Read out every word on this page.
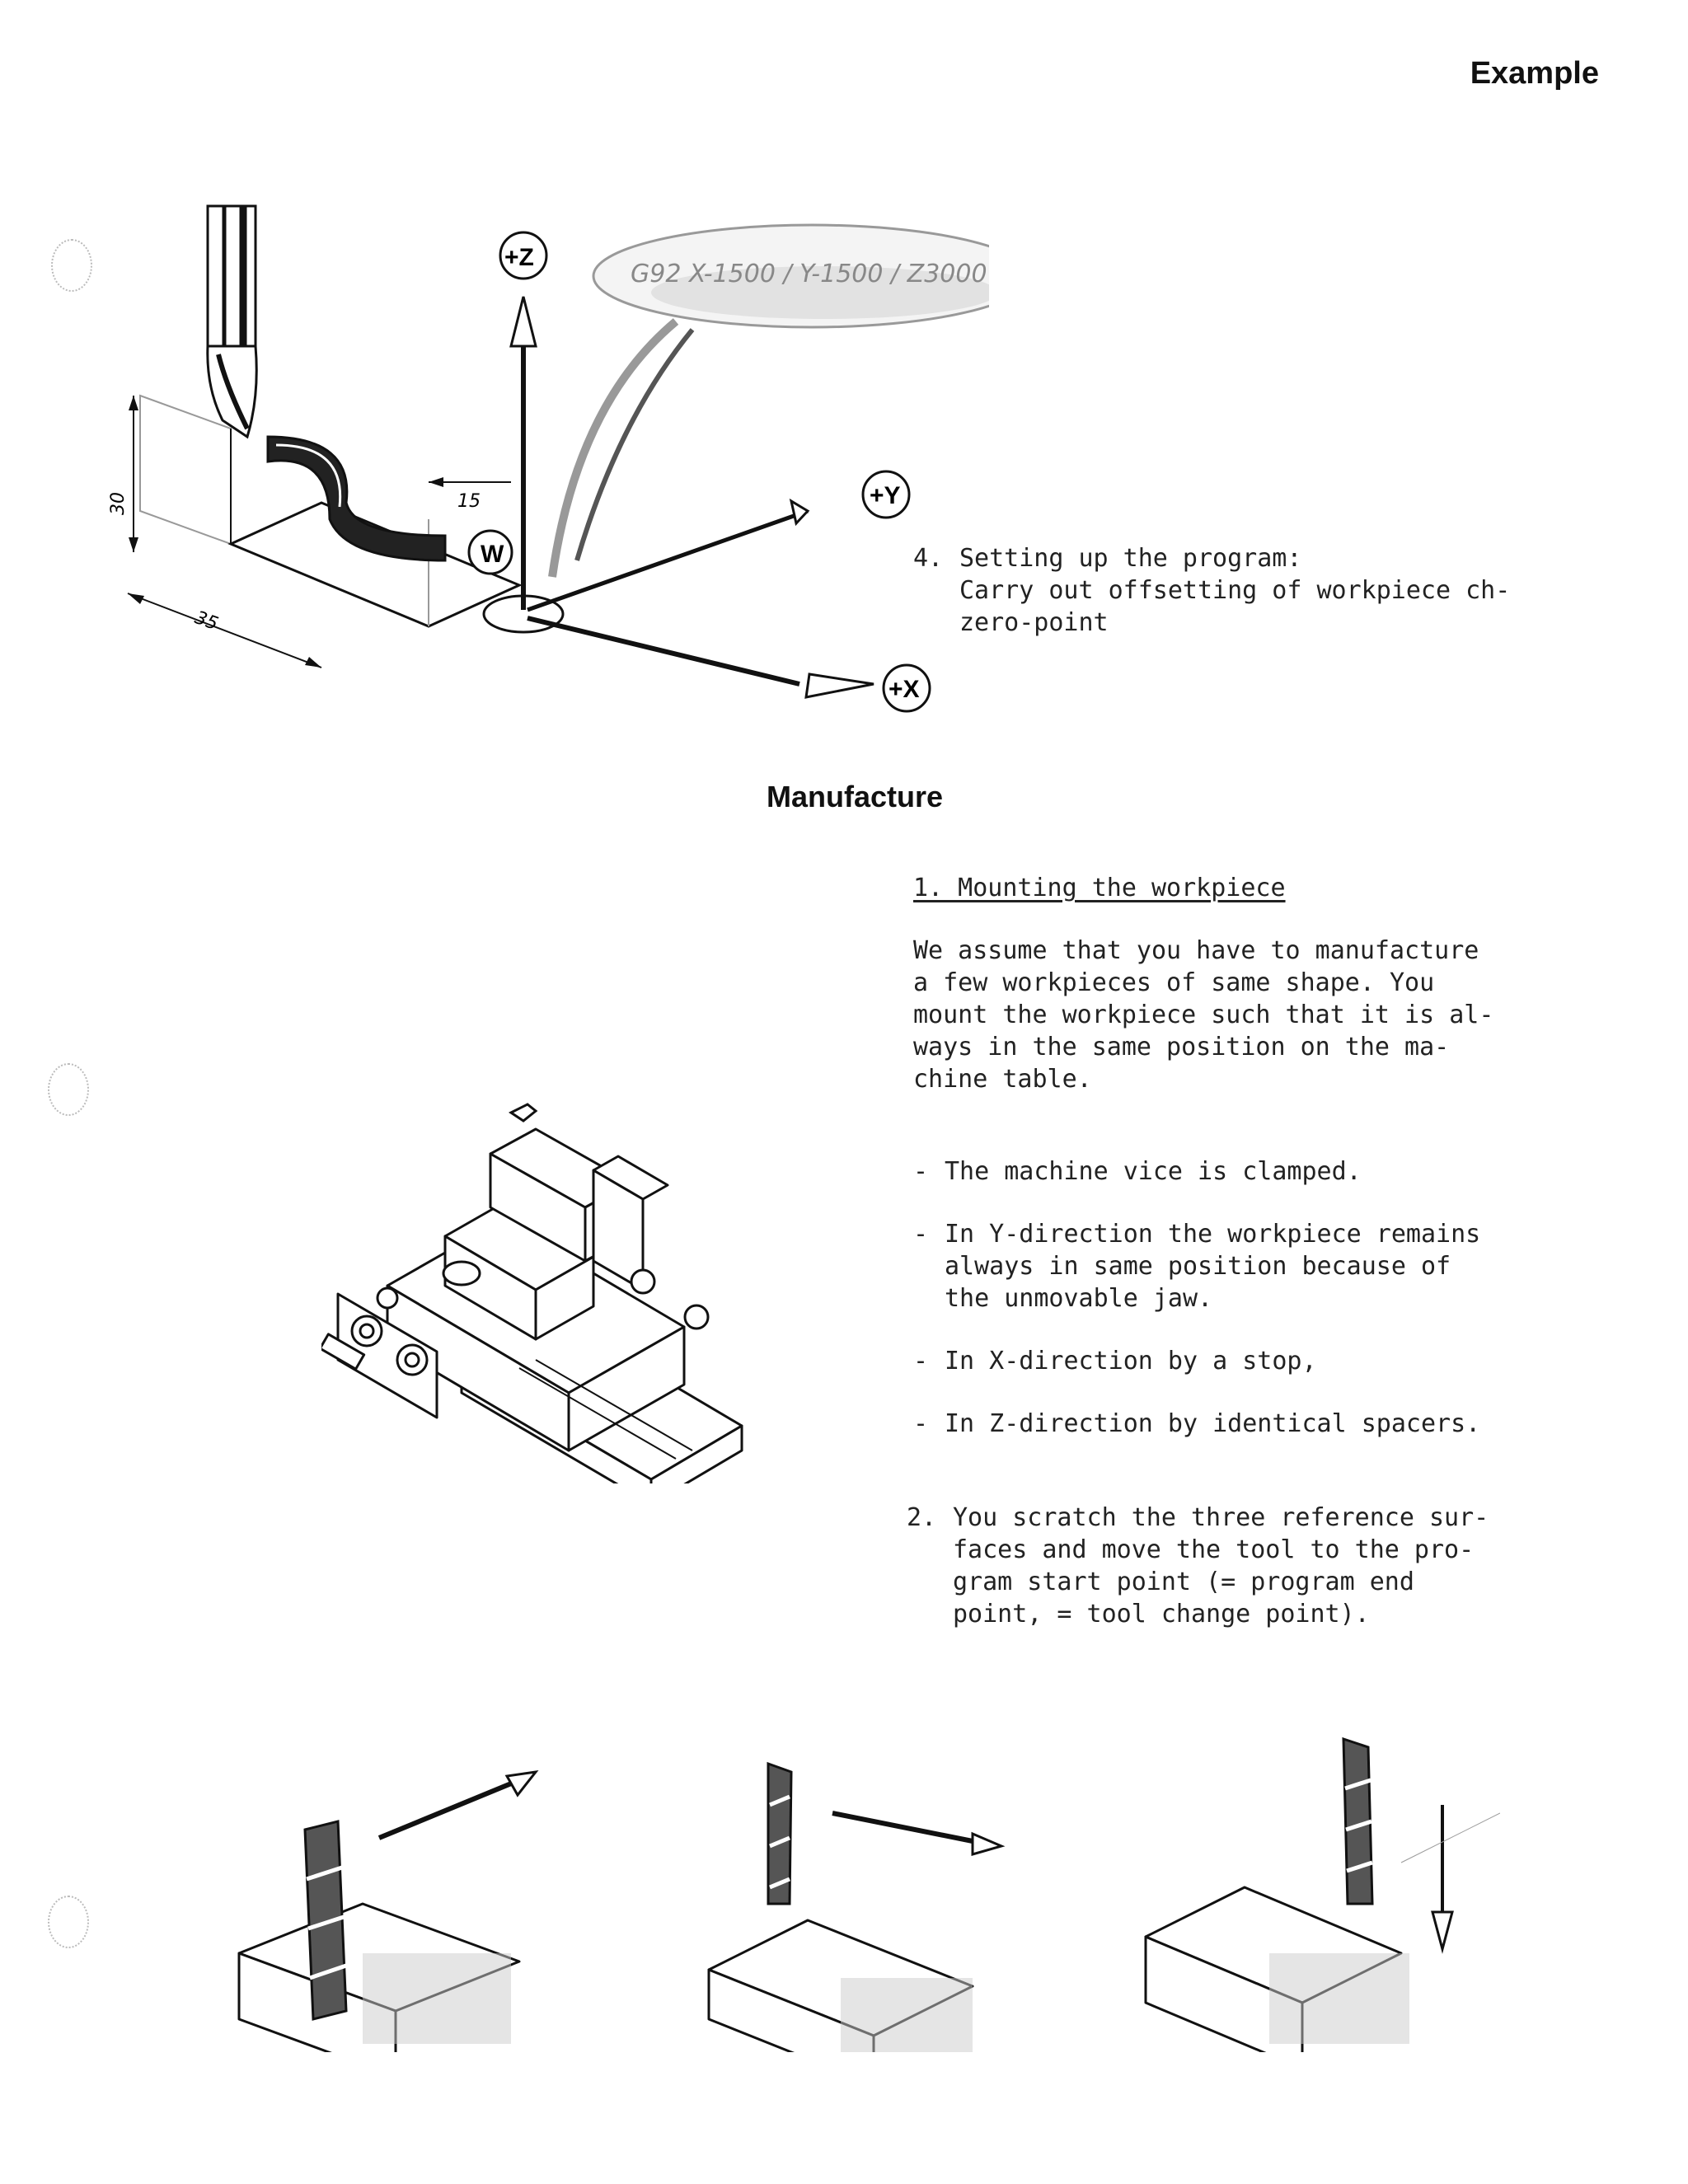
Example
30
35
15
W
+Z
+Y
+X
G92 X-1500 / Y-1500 / Z3000
4. Setting up the program:
Carry out offsetting of workpiece ch-
zero-point
Manufacture
1. Mounting the workpiece
We assume that you have to manufacture
a few workpieces of same shape. You
mount the workpiece such that it is al-
ways in the same position on the ma-
chine table.
- The machine vice is clamped.
- In Y-direction the workpiece remains
always in same position because of
the unmovable jaw.
- In X-direction by a stop,
- In Z-direction by identical spacers.
2. You scratch the three reference sur-
faces and move the tool to the pro-
gram start point (= program end
point, = tool change point).
